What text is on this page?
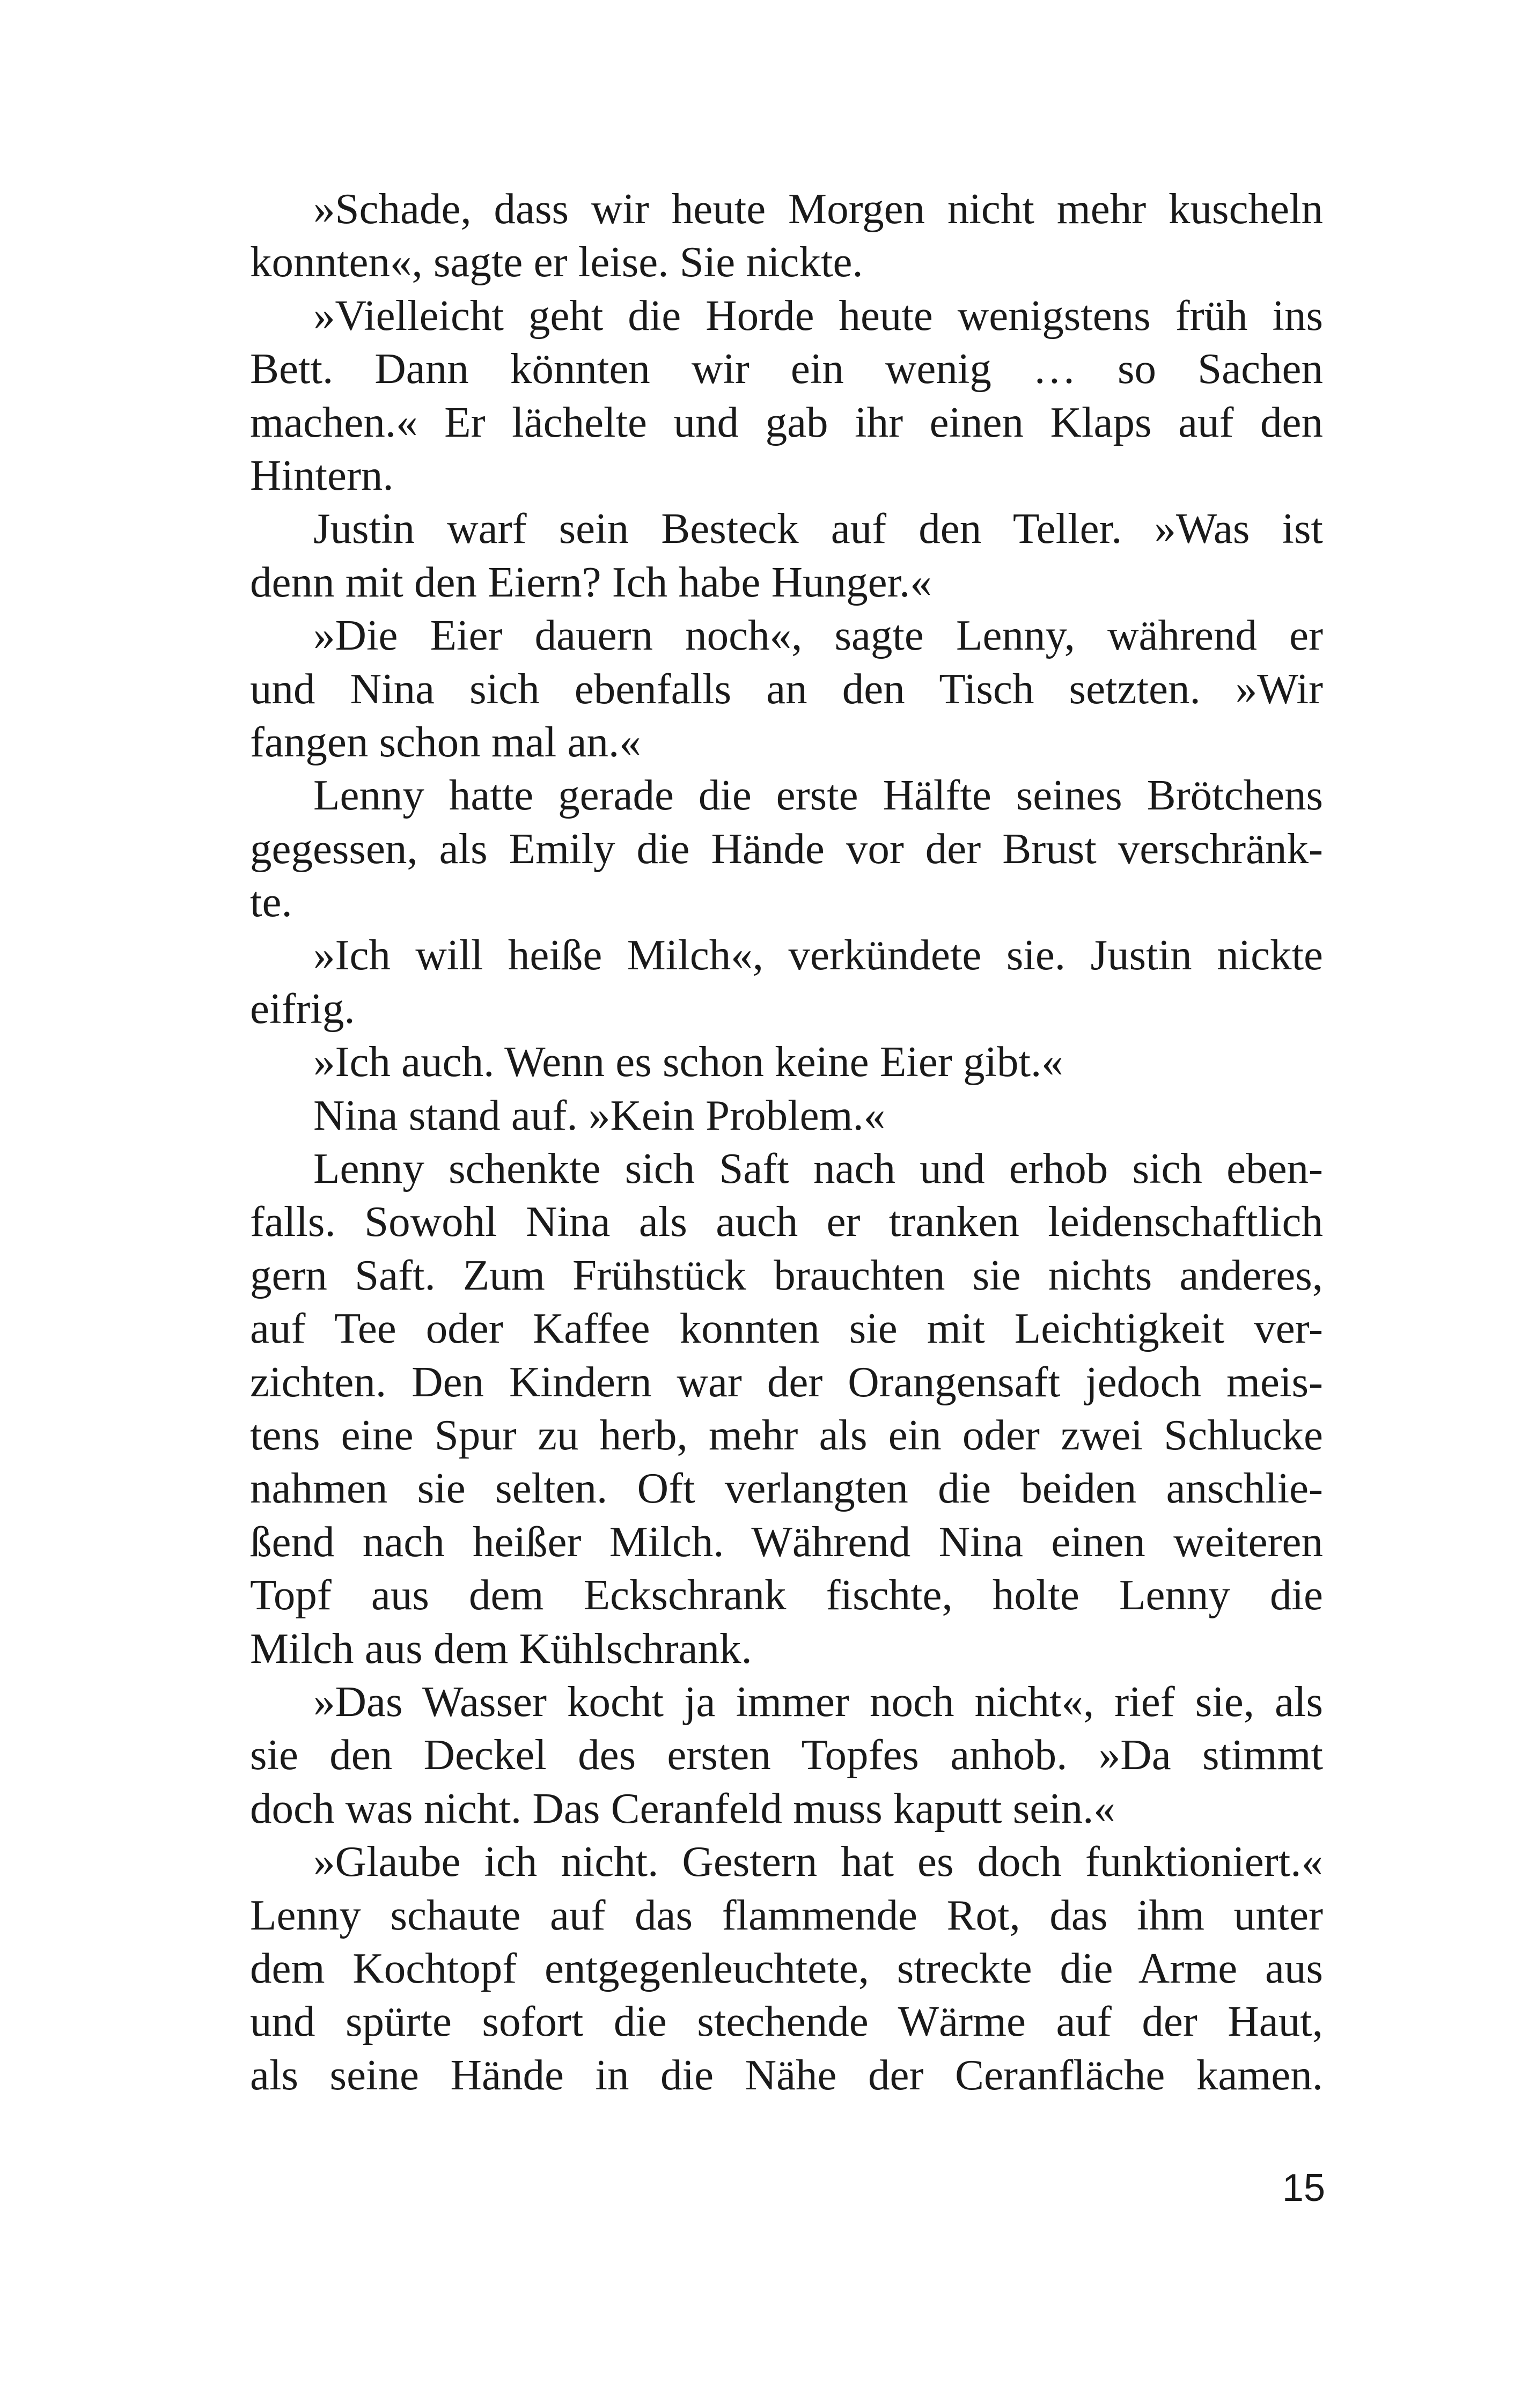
»Schade, dass wir heute Morgen nicht mehr kuscheln
konnten«, sagte er leise. Sie nickte.
»Vielleicht geht die Horde heute wenigstens früh ins
Bett. Dann könnten wir ein wenig … so Sachen
machen.« Er lächelte und gab ihr einen Klaps auf den
Hintern.
Justin warf sein Besteck auf den Teller. »Was ist
denn mit den Eiern? Ich habe Hunger.«
»Die Eier dauern noch«, sagte Lenny, während er
und Nina sich ebenfalls an den Tisch setzten. »Wir
fangen schon mal an.«
Lenny hatte gerade die erste Hälfte seines Brötchens
gegessen, als Emily die Hände vor der Brust verschränk-
te.
»Ich will heiße Milch«, verkündete sie. Justin nickte
eifrig.
»Ich auch. Wenn es schon keine Eier gibt.«
Nina stand auf. »Kein Problem.«
Lenny schenkte sich Saft nach und erhob sich eben-
falls. Sowohl Nina als auch er tranken leidenschaftlich
gern Saft. Zum Frühstück brauchten sie nichts anderes,
auf Tee oder Kaffee konnten sie mit Leichtigkeit ver-
zichten. Den Kindern war der Orangensaft jedoch meis-
tens eine Spur zu herb, mehr als ein oder zwei Schlucke
nahmen sie selten. Oft verlangten die beiden anschlie-
ßend nach heißer Milch. Während Nina einen weiteren
Topf aus dem Eckschrank fischte, holte Lenny die
Milch aus dem Kühlschrank.
»Das Wasser kocht ja immer noch nicht«, rief sie, als
sie den Deckel des ersten Topfes anhob. »Da stimmt
doch was nicht. Das Ceranfeld muss kaputt sein.«
»Glaube ich nicht. Gestern hat es doch funktioniert.«
Lenny schaute auf das flammende Rot, das ihm unter
dem Kochtopf entgegenleuchtete, streckte die Arme aus
und spürte sofort die stechende Wärme auf der Haut,
als seine Hände in die Nähe der Ceranfläche kamen.
15
